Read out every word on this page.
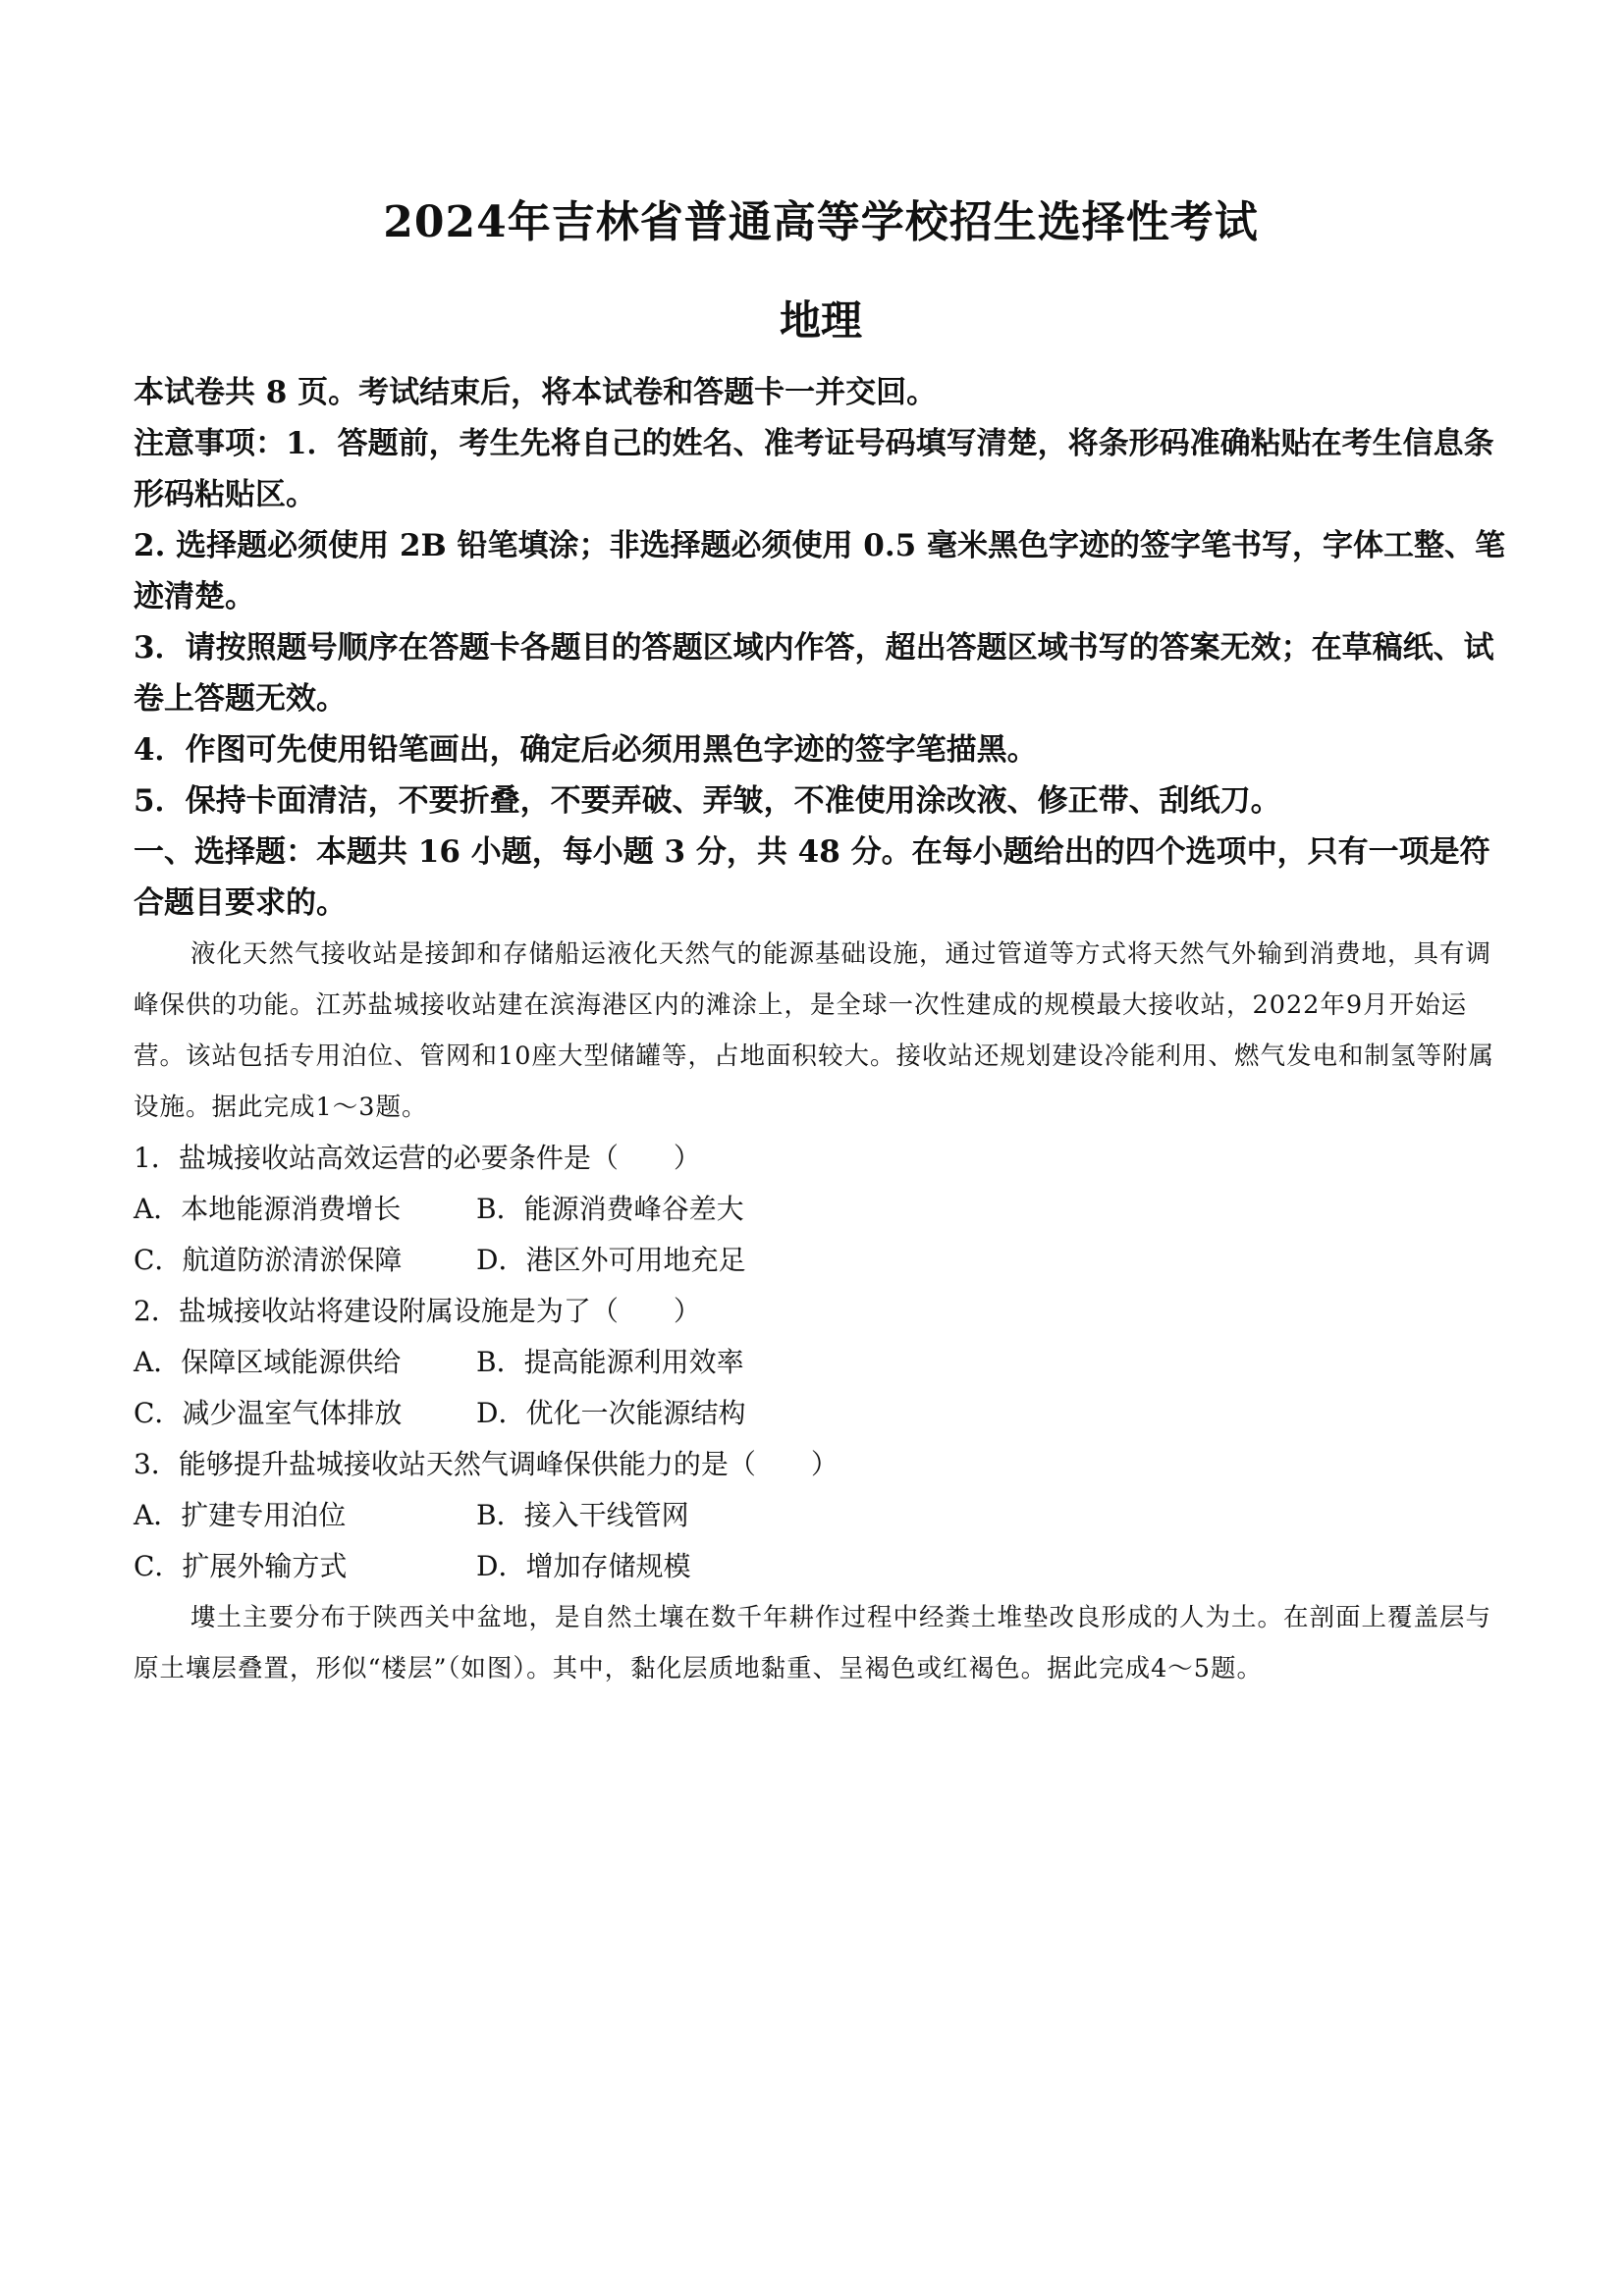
2024年吉林省普通高等学校招生选择性考试
地理

本试卷共 8 页。考试结束后，将本试卷和答题卡一并交回。

注意事项：1．答题前，考生先将自己的姓名、准考证号码填写清楚，将条形码准确粘贴在考生信息条形码粘贴区。

2. 选择题必须使用 2B 铅笔填涂；非选择题必须使用 0.5 毫米黑色字迹的签字笔书写，字体工整、笔迹清楚。

3．请按照题号顺序在答题卡各题目的答题区域内作答，超出答题区域书写的答案无效；在草稿纸、试卷上答题无效。

4．作图可先使用铅笔画出，确定后必须用黑色字迹的签字笔描黑。

5．保持卡面清洁，不要折叠，不要弄破、弄皱，不准使用涂改液、修正带、刮纸刀。

一、选择题：本题共 16 小题，每小题 3 分，共 48 分。在每小题给出的四个选项中，只有一项是符合题目要求的。

液化天然气接收站是接卸和存储船运液化天然气的能源基础设施，通过管道等方式将天然气外输到消费地，具有调峰保供的功能。江苏盐城接收站建在滨海港区内的滩涂上，是全球一次性建成的规模最大接收站，2022年9月开始运营。该站包括专用泊位、管网和10座大型储罐等，占地面积较大。接收站还规划建设冷能利用、燃气发电和制氢等附属设施。据此完成1～3题。

1．盐城接收站高效运营的必要条件是（　　）

A．本地能源消费增长	B．能源消费峰谷差大
C．航道防淤清淤保障	D．港区外可用地充足

2．盐城接收站将建设附属设施是为了（　　）

A．保障区域能源供给	B．提高能源利用效率
C．减少温室气体排放	D．优化一次能源结构

3．能够提升盐城接收站天然气调峰保供能力的是（　　）

A．扩建专用泊位	B．接入干线管网
C．扩展外输方式	D．增加存储规模

塿土主要分布于陕西关中盆地，是自然土壤在数千年耕作过程中经粪土堆垫改良形成的人为土。在剖面上覆盖层与原土壤层叠置，形似“楼层”（如图）。其中，黏化层质地黏重、呈褐色或红褐色。据此完成4～5题。
